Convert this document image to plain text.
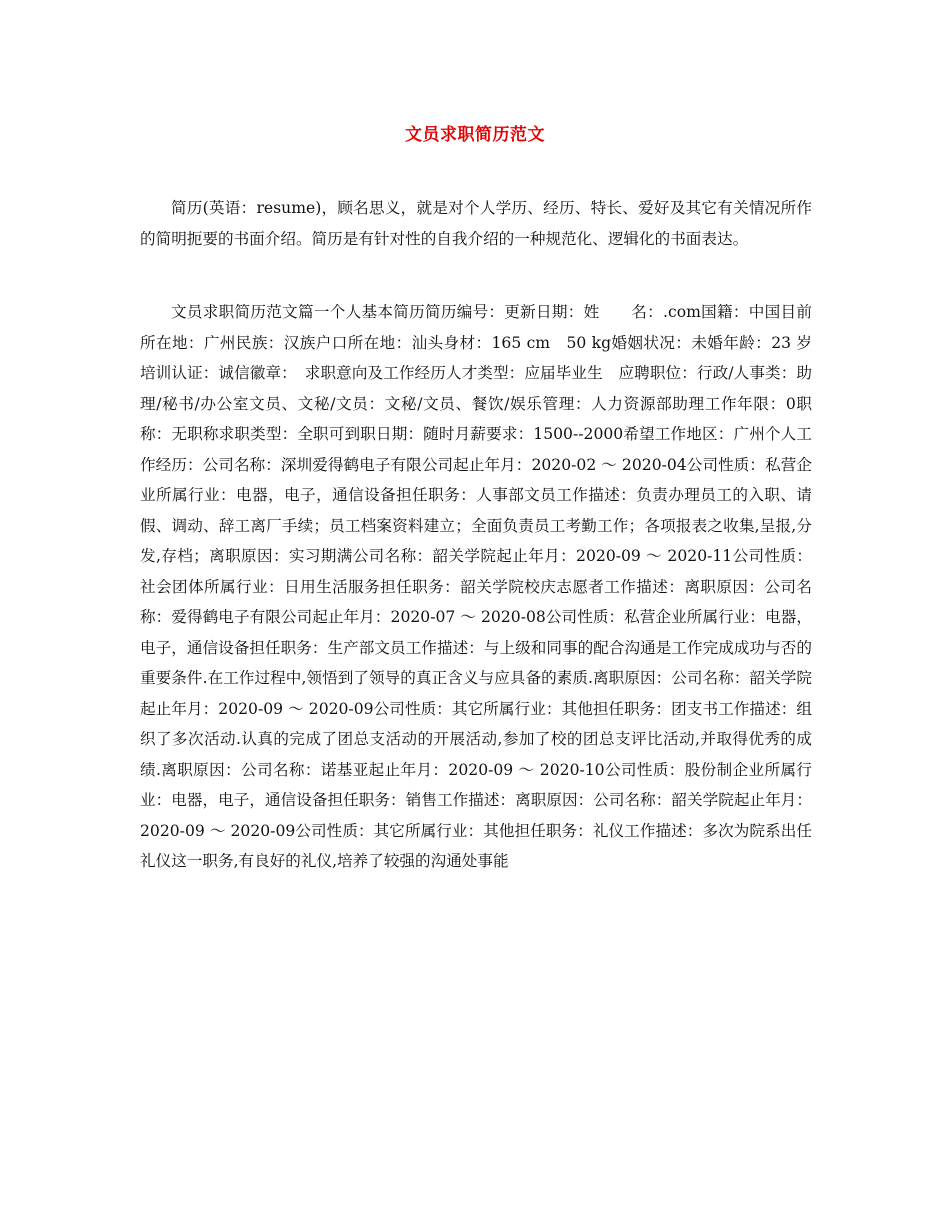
文员求职简历范文

简历(英语：resume)，顾名思义，就是对个人学历、经历、特长、爱好及其它有关情况所作的简明扼要的书面介绍。简历是有针对性的自我介绍的一种规范化、逻辑化的书面表达。

文员求职简历范文篇一个人基本简历简历编号：更新日期：姓　　名：.com国籍：中国目前所在地：广州民族：汉族户口所在地：汕头身材：165 cm　50 kg婚姻状况：未婚年龄：23 岁培训认证：诚信徽章：　求职意向及工作经历人才类型：应届毕业生　应聘职位：行政/人事类：助理/秘书/办公室文员、文秘/文员：文秘/文员、餐饮/娱乐管理：人力资源部助理工作年限：0职称：无职称求职类型：全职可到职日期：随时月薪要求：1500--2000希望工作地区：广州个人工作经历：公司名称：深圳爱得鹤电子有限公司起止年月：2020-02 ～ 2020-04公司性质：私营企业所属行业：电器，电子，通信设备担任职务：人事部文员工作描述：负责办理员工的入职、请假、调动、辞工离厂手续；员工档案资料建立；全面负责员工考勤工作；各项报表之收集,呈报,分发,存档；离职原因：实习期满公司名称：韶关学院起止年月：2020-09 ～ 2020-11公司性质：社会团体所属行业：日用生活服务担任职务：韶关学院校庆志愿者工作描述：离职原因：公司名称：爱得鹤电子有限公司起止年月：2020-07 ～ 2020-08公司性质：私营企业所属行业：电器，电子，通信设备担任职务：生产部文员工作描述：与上级和同事的配合沟通是工作完成成功与否的重要条件.在工作过程中,领悟到了领导的真正含义与应具备的素质.离职原因：公司名称：韶关学院起止年月：2020-09 ～ 2020-09公司性质：其它所属行业：其他担任职务：团支书工作描述：组织了多次活动.认真的完成了团总支活动的开展活动,参加了校的团总支评比活动,并取得优秀的成绩.离职原因：公司名称：诺基亚起止年月：2020-09 ～ 2020-10公司性质：股份制企业所属行业：电器，电子，通信设备担任职务：销售工作描述：离职原因：公司名称：韶关学院起止年月：2020-09 ～ 2020-09公司性质：其它所属行业：其他担任职务：礼仪工作描述：多次为院系出任礼仪这一职务,有良好的礼仪,培养了较强的沟通处事能
